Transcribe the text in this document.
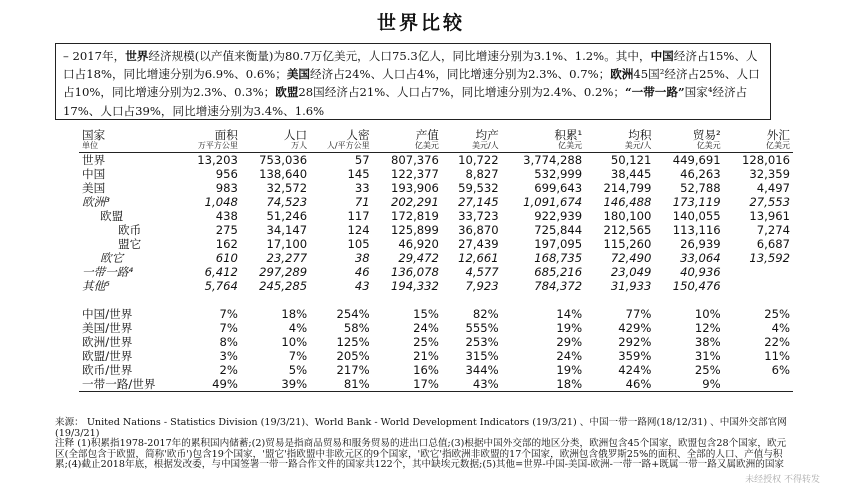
世界比较
– 2017年，世界经济规模(以产值来衡量)为80.7万亿美元，人口75.3亿人，同比增速分别为3.1%、1.2%。其中，中国经济占15%、人口占18%，同比增速分别为6.9%、0.6%；美国经济占24%、人口占4%，同比增速分别为2.3%、0.7%；欧洲45国²经济占25%、人口占10%，同比增速分别为2.3%、0.3%；欧盟28国经济占21%、人口占7%，同比增速分别为2.4%、0.2%；“一带一路”国家⁴经济占17%、人口占39%，同比增速分别为3.4%、1.6%
国家	面积	人口	人密	产值	均产	积累¹	均积	贸易²	外汇
单位	万平方公里	万人	人/平方公里	亿美元	美元/人	亿美元	美元/人	亿美元	亿美元
世界	13,203	753,036	57	807,376	10,722	3,774,288	50,121	449,691	128,016
中国	956	138,640	145	122,377	8,827	532,999	38,445	46,263	32,359
美国	983	32,572	33	193,906	59,532	699,643	214,799	52,788	4,497
欧洲³	1,048	74,523	71	202,291	27,145	1,091,674	146,488	173,119	27,553
欧盟	438	51,246	117	172,819	33,723	922,939	180,100	140,055	13,961
欧币	275	34,147	124	125,899	36,870	725,844	212,565	113,116	7,274
盟它	162	17,100	105	46,920	27,439	197,095	115,260	26,939	6,687
欧它	610	23,277	38	29,472	12,661	168,735	72,490	33,064	13,592
一带一路⁴	6,412	297,289	46	136,078	4,577	685,216	23,049	40,936	
其他⁵	5,764	245,285	43	194,332	7,923	784,372	31,933	150,476	

中国/世界	7%	18%	254%	15%	82%	14%	77%	10%	25%
美国/世界	7%	4%	58%	24%	555%	19%	429%	12%	4%
欧洲/世界	8%	10%	125%	25%	253%	29%	292%	38%	22%
欧盟/世界	3%	7%	205%	21%	315%	24%	359%	31%	11%
欧币/世界	2%	5%	217%	16%	344%	19%	424%	25%	6%
一带一路/世界	49%	39%	81%	17%	43%	18%	46%	9%	

来源： United Nations - Statistics Division (19/3/21)、World Bank - World Development Indicators (19/3/21) 、中国一带一路网(18/12/31) 、中国外交部官网 (19/3/21)

注释 (1)积累指1978-2017年的累积国内储蓄;(2)贸易是指商品贸易和服务贸易的进出口总值;(3)根据中国外交部的地区分类，欧洲包含45个国家，欧盟包含28个国家，欧元区(全部包含于欧盟，简称'欧币')包含19个国家，'盟它'指欧盟中非欧元区的9个国家，'欧它'指欧洲非欧盟的17个国家，欧洲包含俄罗斯25%的面积、全部的人口、产值与积累;(4)截止2018年底，根据发改委，与中国签署一带一路合作文件的国家共122个，其中缺埃元数据;(5)其他=世界-中国-美国-欧洲-一带一路+既属一带一路又属欧洲的国家

未经授权 不得转发
